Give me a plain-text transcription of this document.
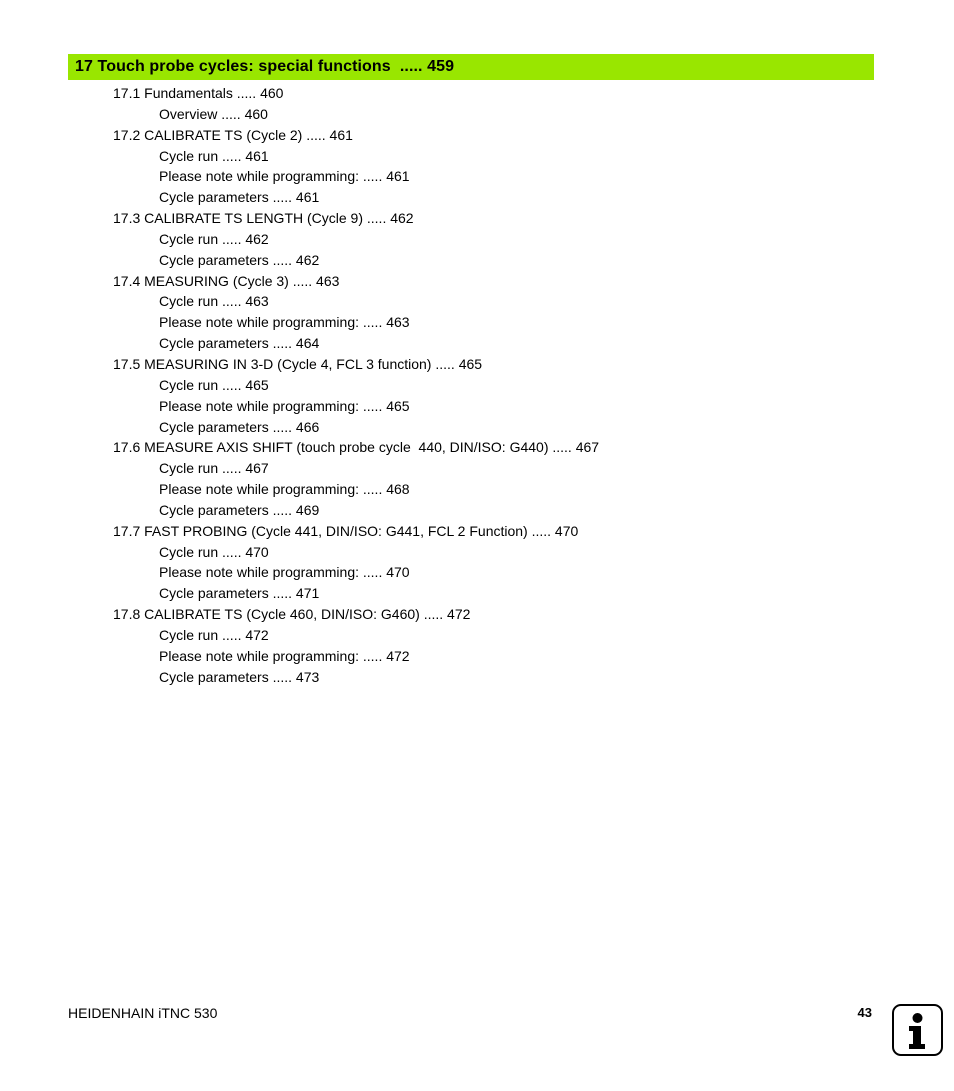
17 Touch probe cycles: special functions  ..... 459
17.1 Fundamentals ..... 460
Overview ..... 460
17.2 CALIBRATE TS (Cycle 2) ..... 461
Cycle run ..... 461
Please note while programming: ..... 461
Cycle parameters ..... 461
17.3 CALIBRATE TS LENGTH (Cycle 9) ..... 462
Cycle run ..... 462
Cycle parameters ..... 462
17.4 MEASURING (Cycle 3) ..... 463
Cycle run ..... 463
Please note while programming: ..... 463
Cycle parameters ..... 464
17.5 MEASURING IN 3-D (Cycle 4, FCL 3 function) ..... 465
Cycle run ..... 465
Please note while programming: ..... 465
Cycle parameters ..... 466
17.6 MEASURE AXIS SHIFT (touch probe cycle  440, DIN/ISO: G440) ..... 467
Cycle run ..... 467
Please note while programming: ..... 468
Cycle parameters ..... 469
17.7 FAST PROBING (Cycle 441, DIN/ISO: G441, FCL 2 Function) ..... 470
Cycle run ..... 470
Please note while programming: ..... 470
Cycle parameters ..... 471
17.8 CALIBRATE TS (Cycle 460, DIN/ISO: G460) ..... 472
Cycle run ..... 472
Please note while programming: ..... 472
Cycle parameters ..... 473
HEIDENHAIN iTNC 530	43
